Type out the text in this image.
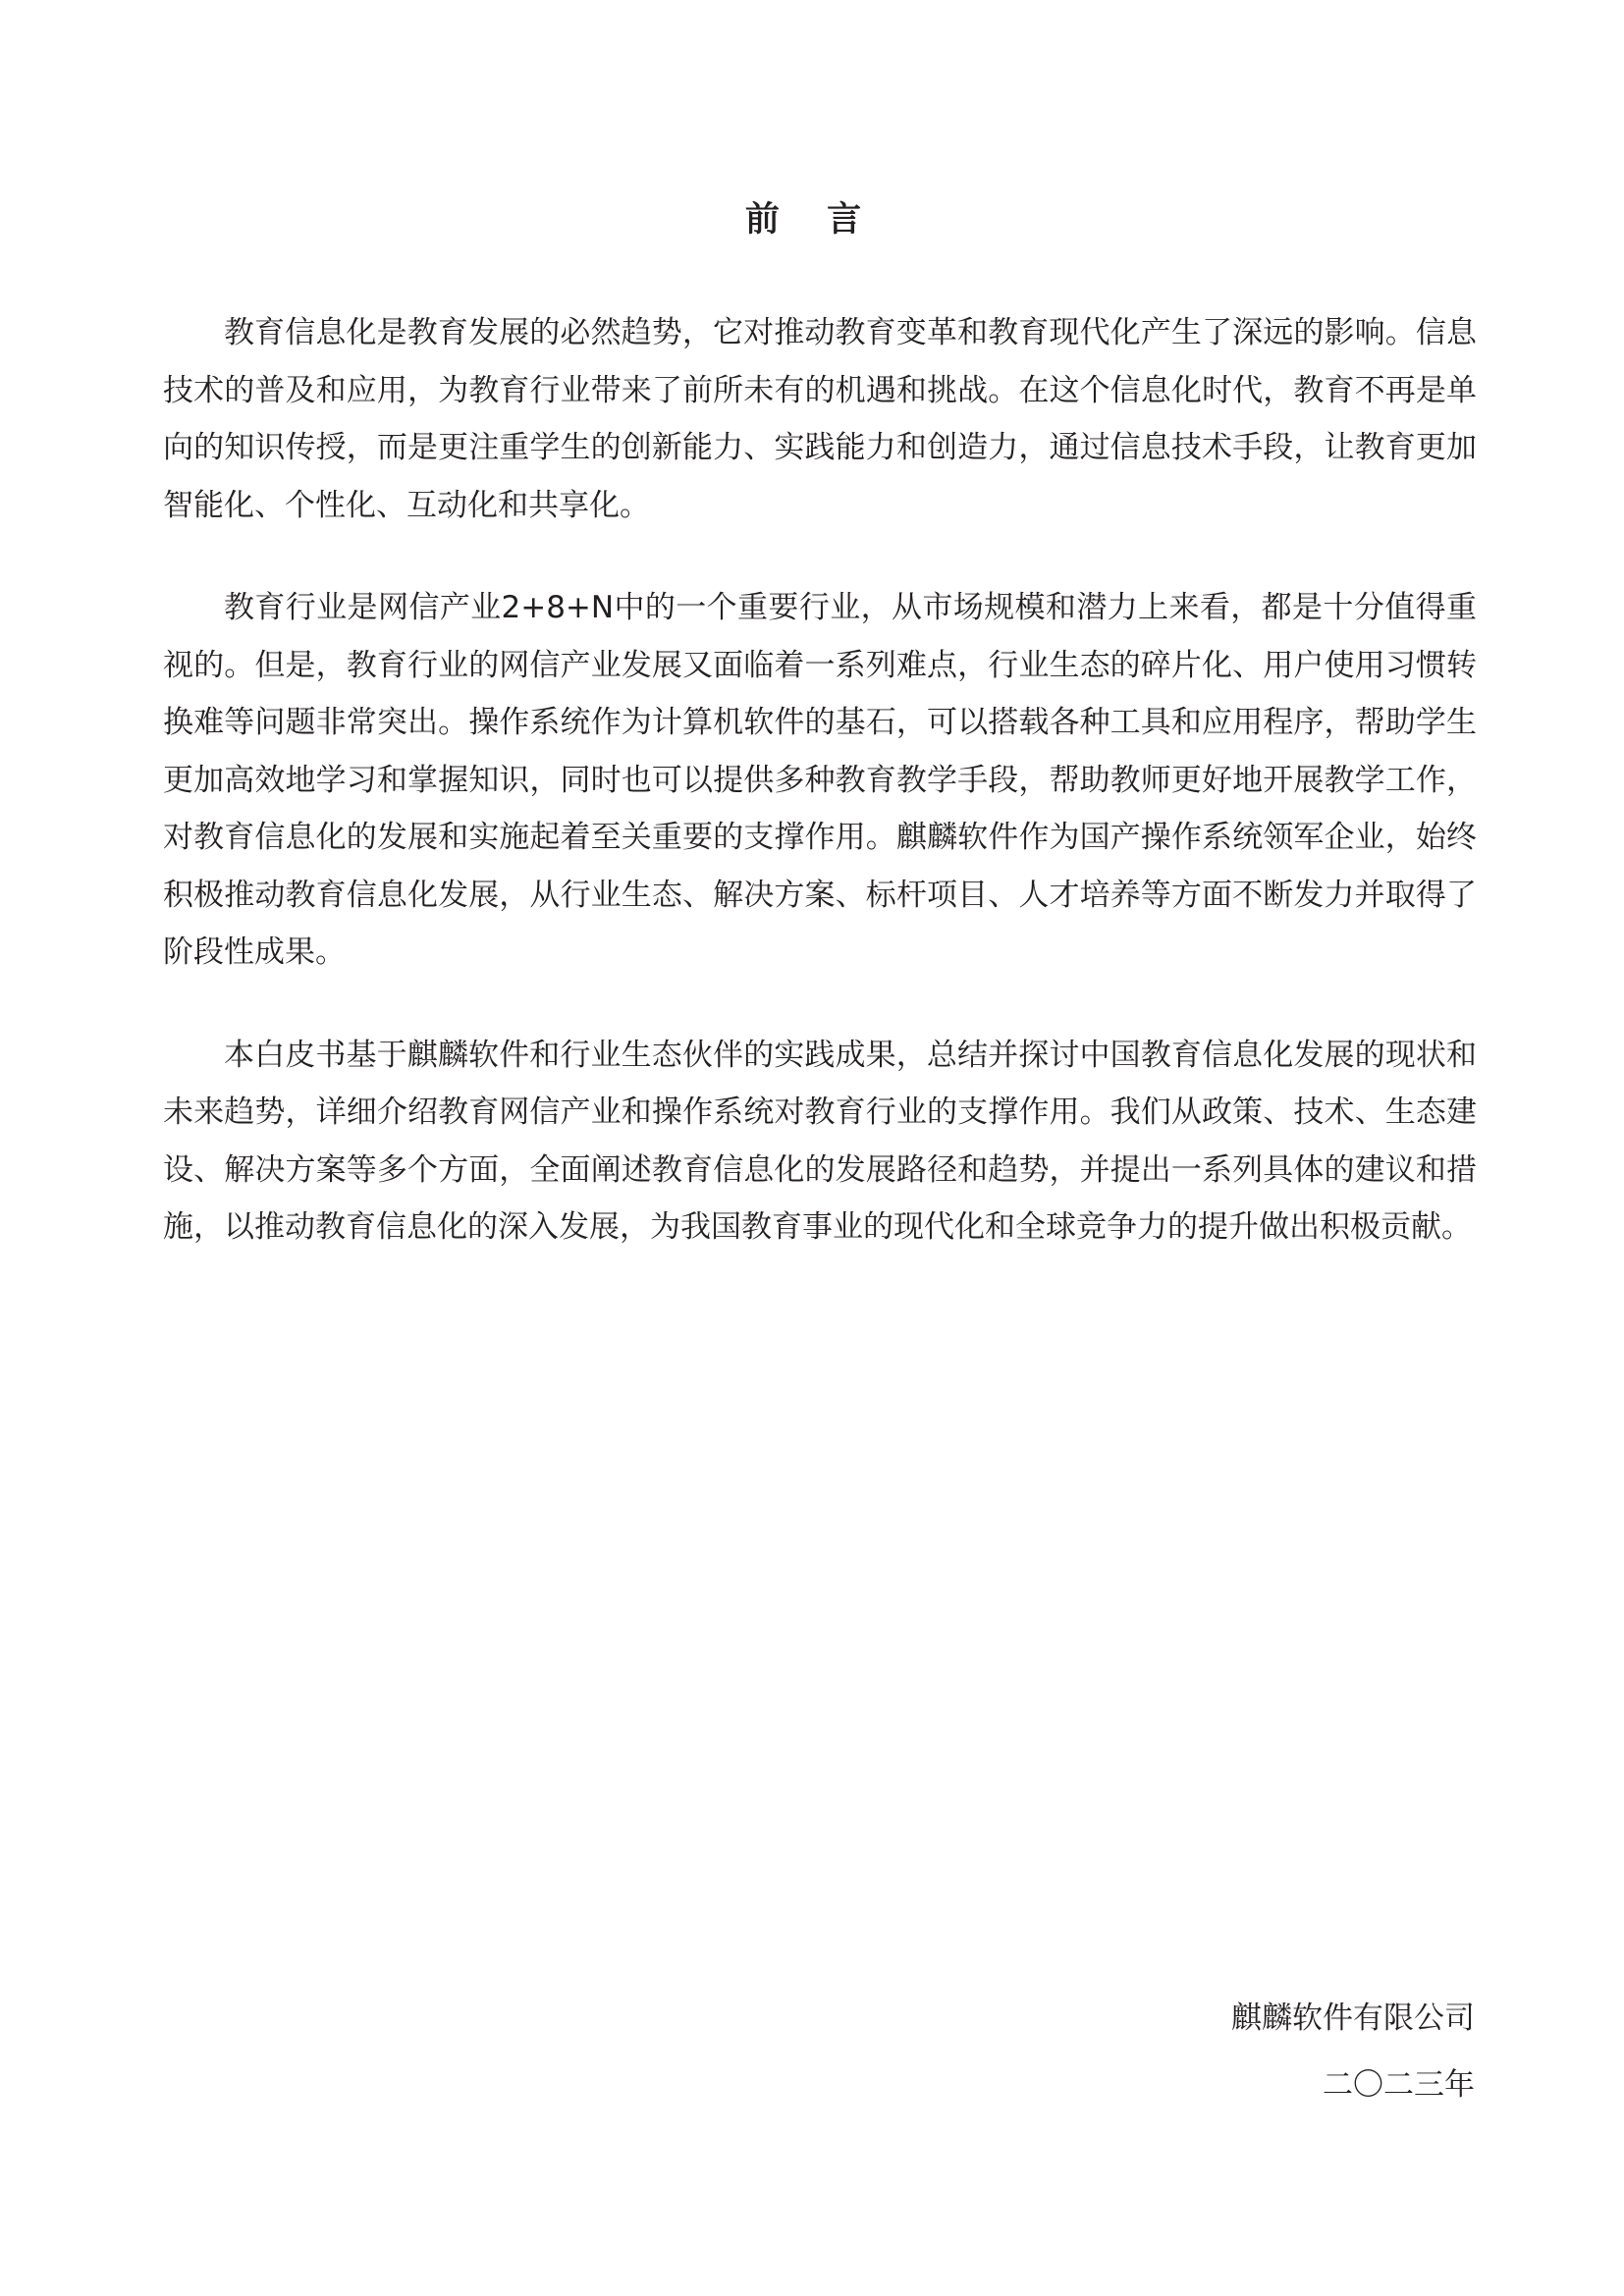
前 言

教育信息化是教育发展的必然趋势，它对推动教育变革和教育现代化产生了深远的影响。信息技术的普及和应用，为教育行业带来了前所未有的机遇和挑战。在这个信息化时代，教育不再是单向的知识传授，而是更注重学生的创新能力、实践能力和创造力，通过信息技术手段，让教育更加智能化、个性化、互动化和共享化。

教育行业是网信产业2+8+N中的一个重要行业，从市场规模和潜力上来看，都是十分值得重视的。但是，教育行业的网信产业发展又面临着一系列难点，行业生态的碎片化、用户使用习惯转换难等问题非常突出。操作系统作为计算机软件的基石，可以搭载各种工具和应用程序，帮助学生更加高效地学习和掌握知识，同时也可以提供多种教育教学手段，帮助教师更好地开展教学工作，对教育信息化的发展和实施起着至关重要的支撑作用。麒麟软件作为国产操作系统领军企业，始终积极推动教育信息化发展，从行业生态、解决方案、标杆项目、人才培养等方面不断发力并取得了阶段性成果。

本白皮书基于麒麟软件和行业生态伙伴的实践成果，总结并探讨中国教育信息化发展的现状和未来趋势，详细介绍教育网信产业和操作系统对教育行业的支撑作用。我们从政策、技术、生态建设、解决方案等多个方面，全面阐述教育信息化的发展路径和趋势，并提出一系列具体的建议和措施，以推动教育信息化的深入发展，为我国教育事业的现代化和全球竞争力的提升做出积极贡献。

麒麟软件有限公司
二〇二三年
